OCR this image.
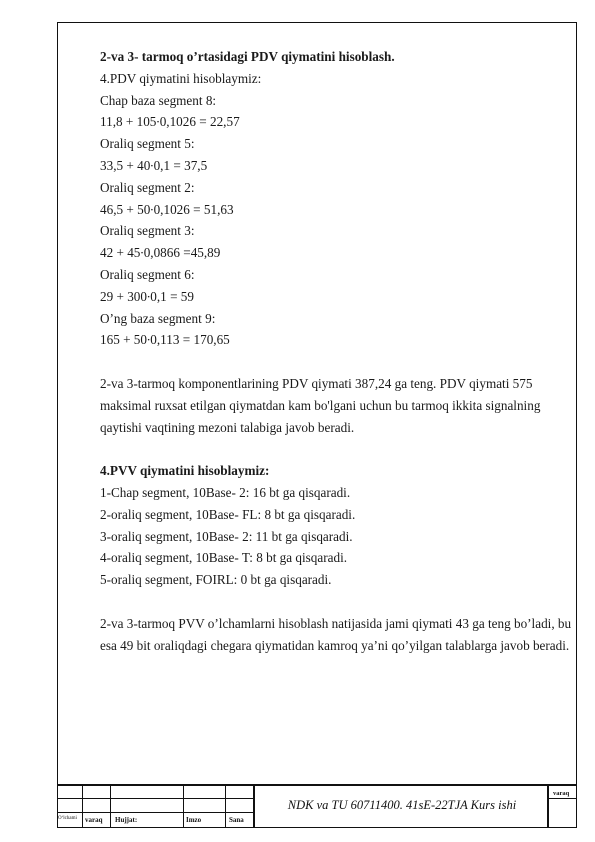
2-va 3- tarmoq o’rtasidagi PDV qiymatini hisoblash.

4.PDV qiymatini hisoblaymiz:

Chap baza segment 8:

11,8 + 105∙0,1026 = 22,57

Oraliq segment 5:

33,5 + 40∙0,1 = 37,5

Oraliq segment 2:

46,5 + 50∙0,1026 = 51,63

Oraliq segment 3:

42 + 45∙0,0866 =45,89

Oraliq segment 6:

29 + 300∙0,1 = 59

O’ng baza segment 9:

165 + 50∙0,113 = 170,65

2-va 3-tarmoq komponentlarining PDV qiymati 387,24 ga teng. PDV qiymati 575 maksimal ruxsat etilgan qiymatdan kam bo'lgani uchun bu tarmoq ikkita signalning qaytishi vaqtining mezoni talabiga javob beradi.

4.PVV qiymatini hisoblaymiz:

1-Chap segment, 10Base- 2: 16 bt ga qisqaradi.

2-oraliq segment, 10Base- FL: 8 bt ga qisqaradi.

3-oraliq segment, 10Base- 2: 11 bt ga qisqaradi.

4-oraliq segment, 10Base- T: 8 bt ga qisqaradi.

5-oraliq segment, FOIRL: 0 bt ga qisqaradi.

2-va 3-tarmoq PVV o’lchamlarni hisoblash natijasida jami qiymati 43 ga teng bo’ladi, bu esa 49 bit oraliqdagi chegara qiymatidan kamroq ya’ni qo’yilgan talablarga javob beradi.

O‘lchami varaq Hujjat:	Imzo	Sana
NDK va TU 60711400. 41sE-22TJA Kurs ishi
varaq
